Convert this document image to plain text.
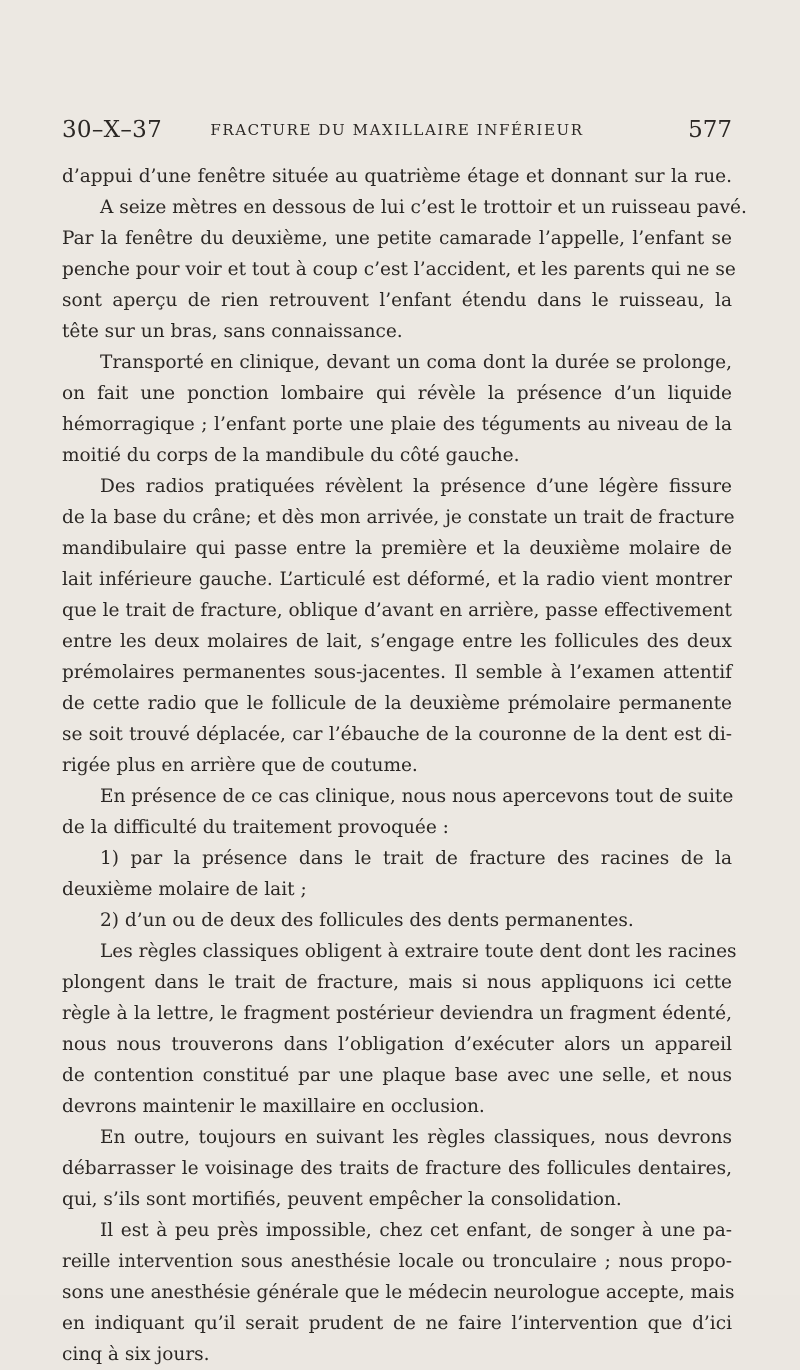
30–X–37	FRACTURE DU MAXILLAIRE INFÉRIEUR	577
d’appui d’une fenêtre située au quatrième étage et donnant sur la rue.
A seize mètres en dessous de lui c’est le trottoir et un ruisseau pavé.
Par la fenêtre du deuxième, une petite camarade l’appelle, l’enfant se
penche pour voir et tout à coup c’est l’accident, et les parents qui ne se
sont aperçu de rien retrouvent l’enfant étendu dans le ruisseau, la
tête sur un bras, sans connaissance.
Transporté en clinique, devant un coma dont la durée se prolonge,
on fait une ponction lombaire qui révèle la présence d’un liquide
hémorragique ; l’enfant porte une plaie des téguments au niveau de la
moitié du corps de la mandibule du côté gauche.
Des radios pratiquées révèlent la présence d’une légère fissure
de la base du crâne; et dès mon arrivée, je constate un trait de fracture
mandibulaire qui passe entre la première et la deuxième molaire de
lait inférieure gauche. L’articulé est déformé, et la radio vient montrer
que le trait de fracture, oblique d’avant en arrière, passe effectivement
entre les deux molaires de lait, s’engage entre les follicules des deux
prémolaires permanentes sous-jacentes. Il semble à l’examen attentif
de cette radio que le follicule de la deuxième prémolaire permanente
se soit trouvé déplacée, car l’ébauche de la couronne de la dent est di-
rigée plus en arrière que de coutume.
En présence de ce cas clinique, nous nous apercevons tout de suite
de la difficulté du traitement provoquée :
1) par la présence dans le trait de fracture des racines de la
deuxième molaire de lait ;
2) d’un ou de deux des follicules des dents permanentes.
Les règles classiques obligent à extraire toute dent dont les racines
plongent dans le trait de fracture, mais si nous appliquons ici cette
règle à la lettre, le fragment postérieur deviendra un fragment édenté,
nous nous trouverons dans l’obligation d’exécuter alors un appareil
de contention constitué par une plaque base avec une selle, et nous
devrons maintenir le maxillaire en occlusion.
En outre, toujours en suivant les règles classiques, nous devrons
débarrasser le voisinage des traits de fracture des follicules dentaires,
qui, s’ils sont mortifiés, peuvent empêcher la consolidation.
Il est à peu près impossible, chez cet enfant, de songer à une pa-
reille intervention sous anesthésie locale ou tronculaire ; nous propo-
sons une anesthésie générale que le médecin neurologue accepte, mais
en indiquant qu’il serait prudent de ne faire l’intervention que d’ici
cinq à six jours.
